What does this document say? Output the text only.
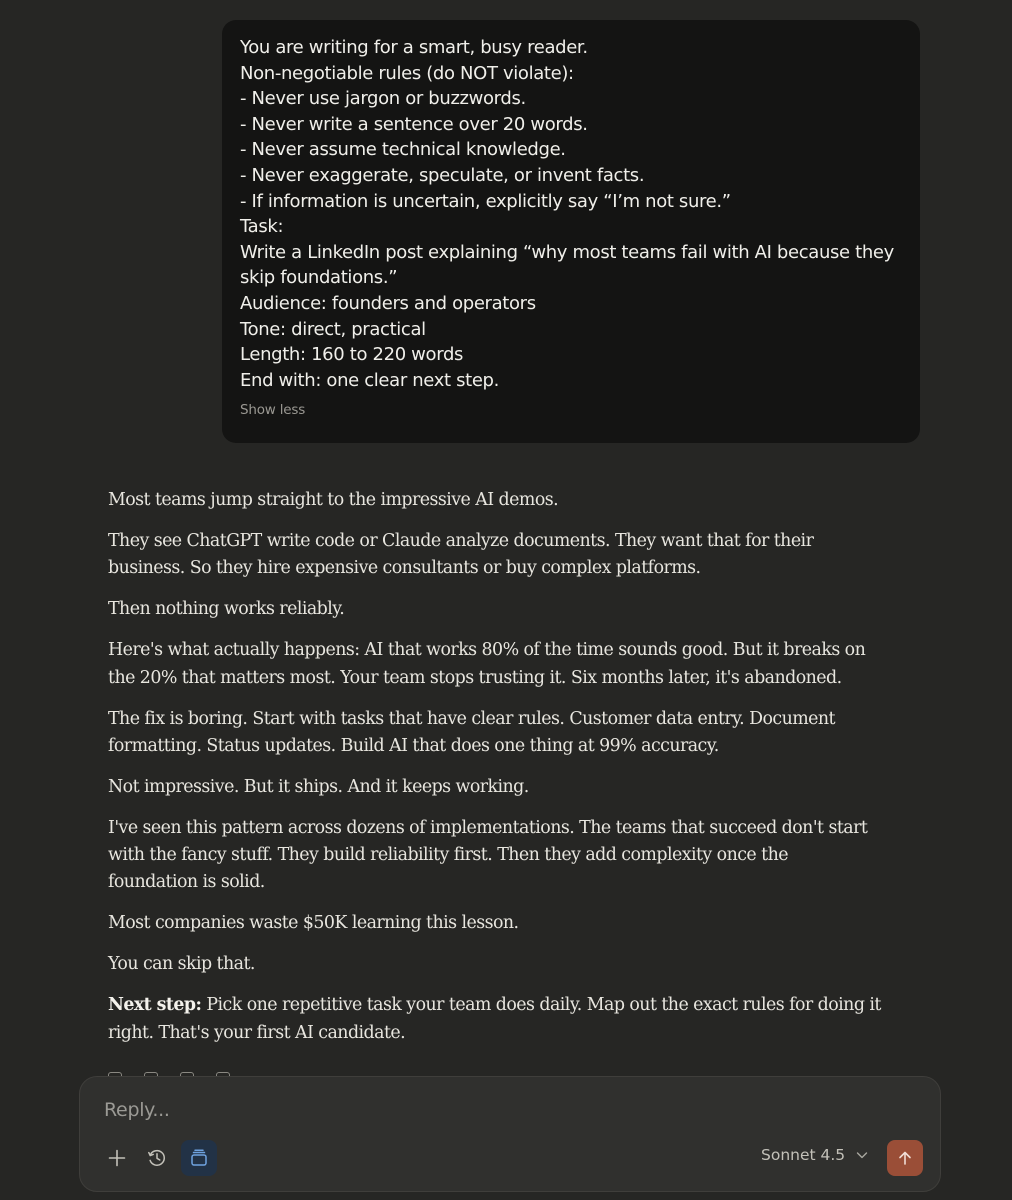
You are writing for a smart, busy reader.
Non-negotiable rules (do NOT violate):
- Never use jargon or buzzwords.
- Never write a sentence over 20 words.
- Never assume technical knowledge.
- Never exaggerate, speculate, or invent facts.
- If information is uncertain, explicitly say “I’m not sure.”
Task:
Write a LinkedIn post explaining “why most teams fail with AI because they
skip foundations.”
Audience: founders and operators
Tone: direct, practical
Length: 160 to 220 words
End with: one clear next step.
Show less

Most teams jump straight to the impressive AI demos.

They see ChatGPT write code or Claude analyze documents. They want that for their
business. So they hire expensive consultants or buy complex platforms.

Then nothing works reliably.

Here's what actually happens: AI that works 80% of the time sounds good. But it breaks on
the 20% that matters most. Your team stops trusting it. Six months later, it's abandoned.

The fix is boring. Start with tasks that have clear rules. Customer data entry. Document
formatting. Status updates. Build AI that does one thing at 99% accuracy.

Not impressive. But it ships. And it keeps working.

I've seen this pattern across dozens of implementations. The teams that succeed don't start
with the fancy stuff. They build reliability first. Then they add complexity once the
foundation is solid.

Most companies waste $50K learning this lesson.

You can skip that.

Next step: Pick one repetitive task your team does daily. Map out the exact rules for doing it
right. That's your first AI candidate.

Reply...
Sonnet 4.5
